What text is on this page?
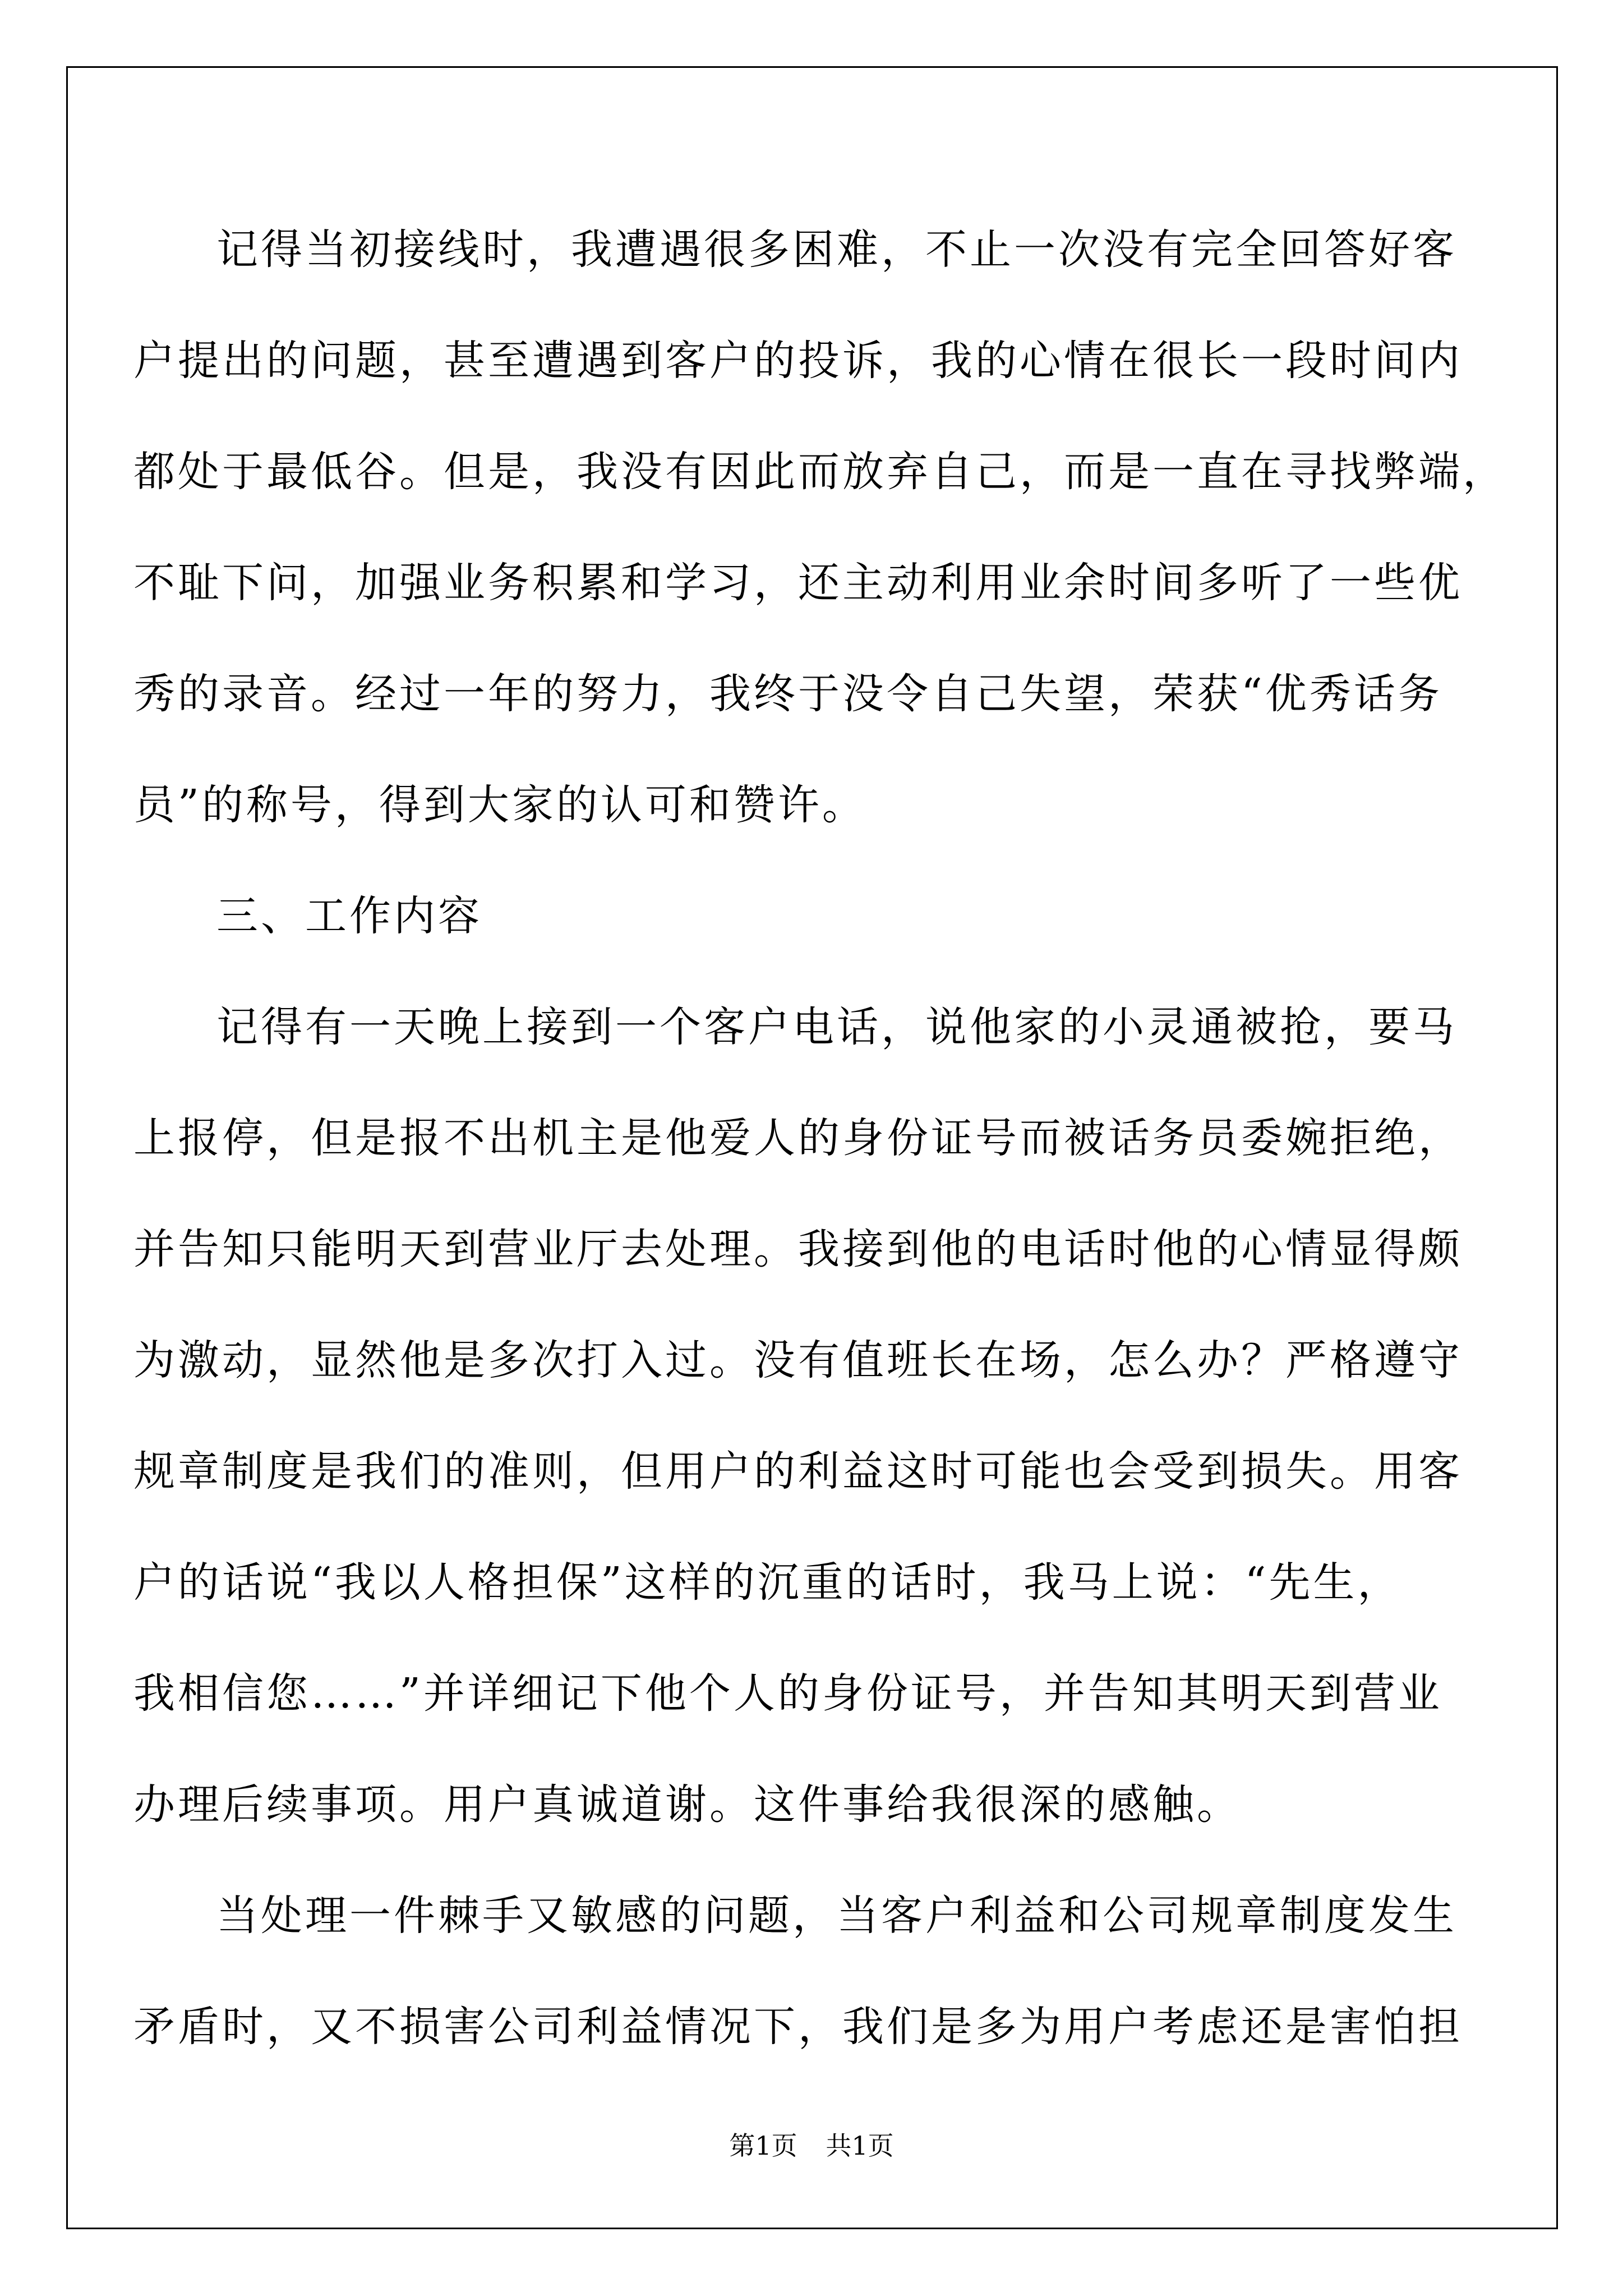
记得当初接线时，我遭遇很多困难，不止一次没有完全回答好客
户提出的问题，甚至遭遇到客户的投诉，我的心情在很长一段时间内
都处于最低谷。但是，我没有因此而放弃自己，而是一直在寻找弊端，
不耻下问，加强业务积累和学习，还主动利用业余时间多听了一些优
秀的录音。经过一年的努力，我终于没令自己失望，荣获“优秀话务
员”的称号，得到大家的认可和赞许。
三、工作内容
记得有一天晚上接到一个客户电话，说他家的小灵通被抢，要马
上报停，但是报不出机主是他爱人的身份证号而被话务员委婉拒绝，
并告知只能明天到营业厅去处理。我接到他的电话时他的心情显得颇
为激动，显然他是多次打入过。没有值班长在场，怎么办？严格遵守
规章制度是我们的准则，但用户的利益这时可能也会受到损失。用客
户的话说“我以人格担保”这样的沉重的话时，我马上说：“先生，
我相信您……”并详细记下他个人的身份证号，并告知其明天到营业
办理后续事项。用户真诚道谢。这件事给我很深的感触。
当处理一件棘手又敏感的问题，当客户利益和公司规章制度发生
矛盾时，又不损害公司利益情况下，我们是多为用户考虑还是害怕担
第1页 共1页
